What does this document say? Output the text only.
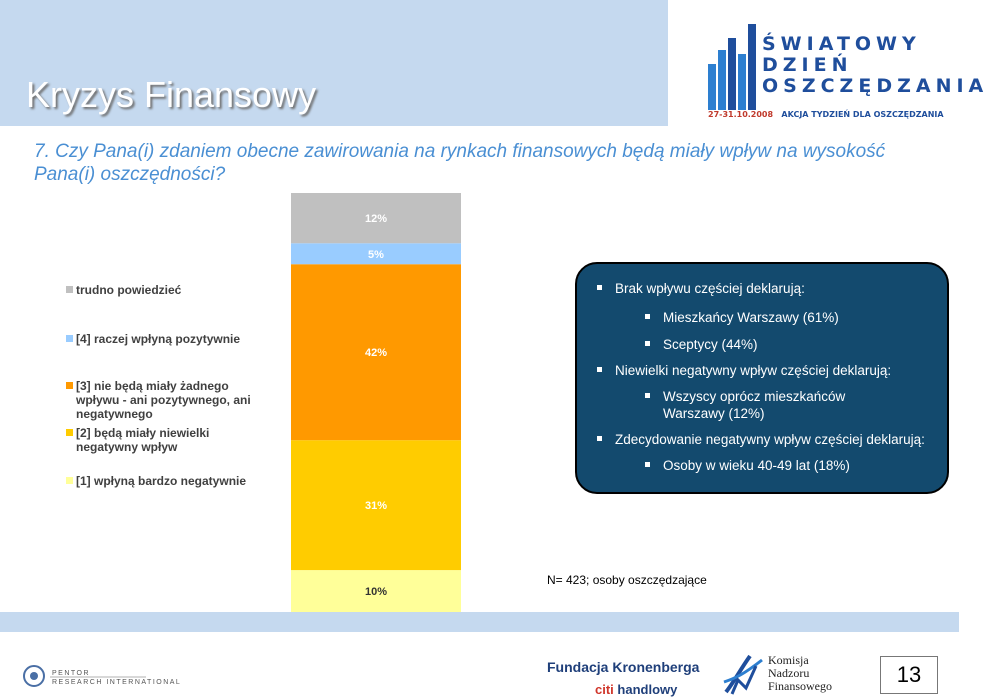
Kryzys Finansowy
ŚWIATOWY
DZIEŃ
OSZCZĘDZANIA
27-31.10.2008 AKCJA TYDZIEŃ DLA OSZCZĘDZANIA
7. Czy Pana(i) zdaniem obecne zawirowania na rynkach finansowych będą miały wpływ na wysokość Pana(i) oszczędności?
10%
31%
42%
5%
12%
trudno powiedzieć
[4] raczej wpłyną pozytywnie
[3] nie będą miały żadnego
wpływu - ani pozytywnego, ani
negatywnego
[2] będą miały niewielki
negatywny wpływ
[1] wpłyną bardzo negatywnie
Brak wpływu częściej deklarują:
Mieszkańcy Warszawy (61%)
Sceptycy (44%)
Niewielki negatywny wpływ częściej deklarują:
Wszyscy oprócz mieszkańców Warszawy (12%)
Zdecydowanie negatywny wpływ częściej deklarują:
Osoby w wieku 40-49 lat (18%)
N= 423; osoby oszczędzające
PENTOR
RESEARCH INTERNATIONAL
Fundacja Kronenberga
citi handlowy
Komisja
Nadzoru
Finansowego	13
